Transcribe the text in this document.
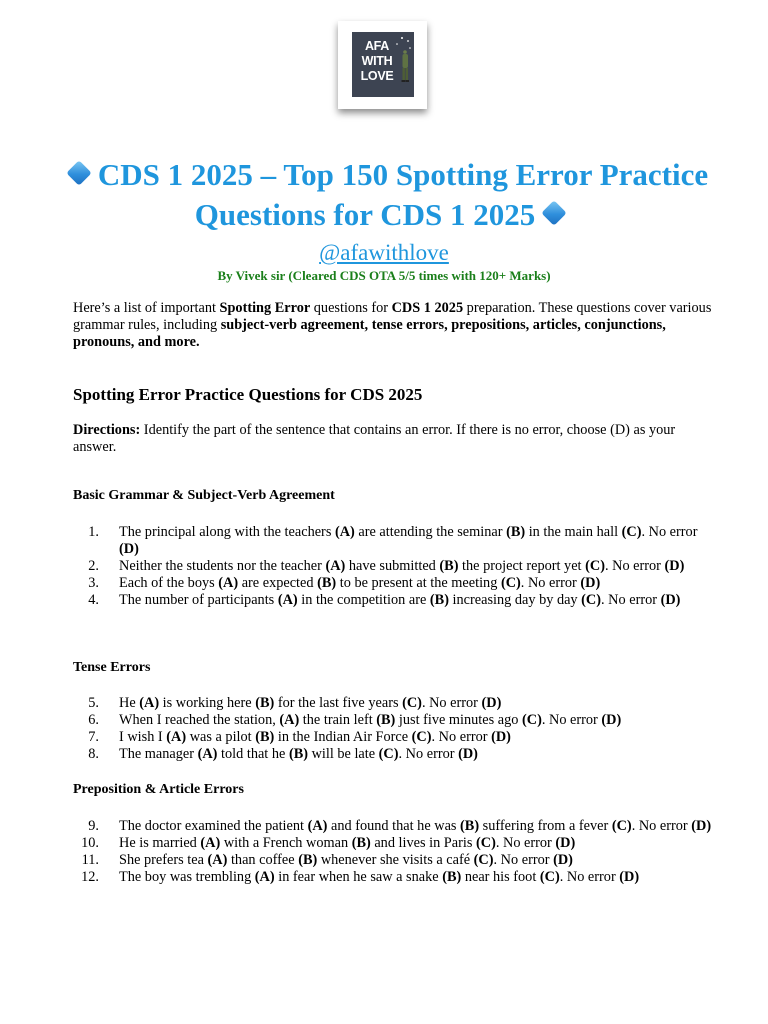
AFA
WITH
LOVE
CDS 1 2025 – Top 150 Spotting Error Practice Questions for CDS 1 2025
@afawithlove
By Vivek sir (Cleared CDS OTA 5/5 times with 120+ Marks)
Here’s a list of important Spotting Error questions for CDS 1 2025 preparation. These questions cover various grammar rules, including subject-verb agreement, tense errors, prepositions, articles, conjunctions, pronouns, and more.
Spotting Error Practice Questions for CDS 2025
Directions: Identify the part of the sentence that contains an error. If there is no error, choose (D) as your answer.
Basic Grammar & Subject-Verb Agreement
1. The principal along with the teachers (A) are attending the seminar (B) in the main hall (C). No error (D)
2. Neither the students nor the teacher (A) have submitted (B) the project report yet (C). No error (D)
3. Each of the boys (A) are expected (B) to be present at the meeting (C). No error (D)
4. The number of participants (A) in the competition are (B) increasing day by day (C). No error (D)
Tense Errors
5. He (A) is working here (B) for the last five years (C). No error (D)
6. When I reached the station, (A) the train left (B) just five minutes ago (C). No error (D)
7. I wish I (A) was a pilot (B) in the Indian Air Force (C). No error (D)
8. The manager (A) told that he (B) will be late (C). No error (D)
Preposition & Article Errors
9. The doctor examined the patient (A) and found that he was (B) suffering from a fever (C). No error (D)
10. He is married (A) with a French woman (B) and lives in Paris (C). No error (D)
11. She prefers tea (A) than coffee (B) whenever she visits a café (C). No error (D)
12. The boy was trembling (A) in fear when he saw a snake (B) near his foot (C). No error (D)
